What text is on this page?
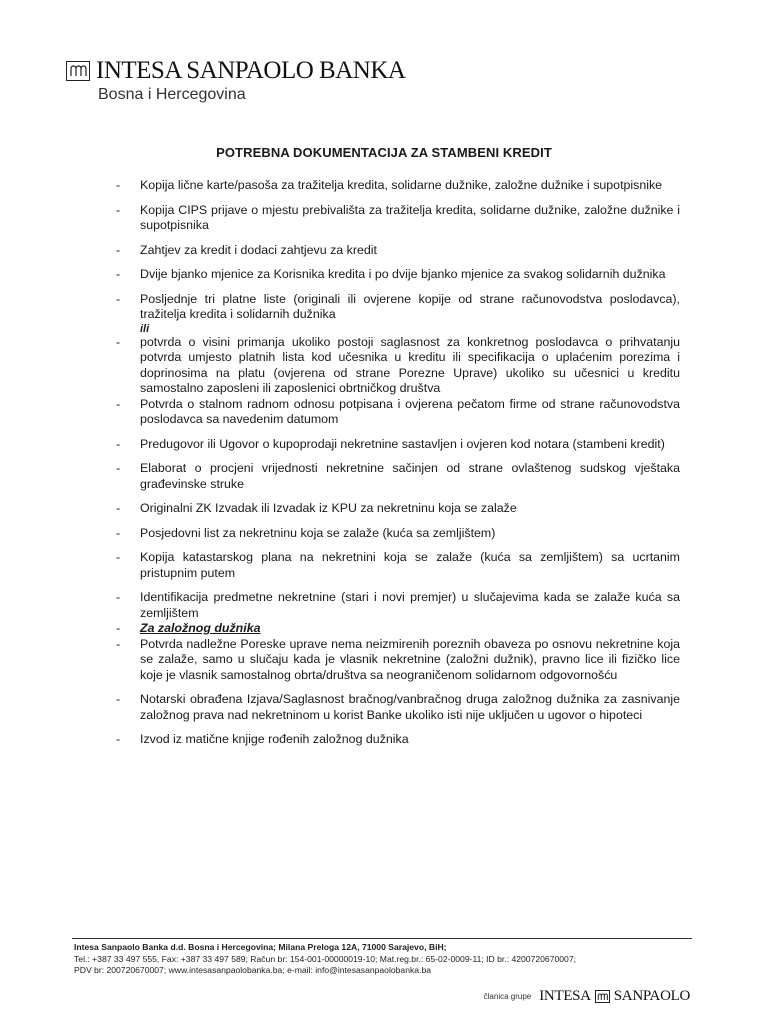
INTESA SANPAOLO BANKA
Bosna i Hercegovina
POTREBNA DOKUMENTACIJA ZA STAMBENI KREDIT
- Kopija lične karte/pasoša za tražitelja kredita, solidarne dužnike, založne dužnike i supotpisnike
- Kopija CIPS prijave o mjestu prebivališta za tražitelja kredita, solidarne dužnike, založne dužnike i supotpisnika
- Zahtjev za kredit i dodaci zahtjevu za kredit
- Dvije bjanko mjenice za Korisnika kredita i po dvije bjanko mjenice za svakog solidarnih dužnika
- Posljednje tri platne liste (originali ili ovjerene kopije od strane računovodstva poslodavca), tražitelja kredita i solidarnih dužnika
ili
- potvrda o visini primanja ukoliko postoji saglasnost za konkretnog poslodavca o prihvatanju potvrda umjesto platnih lista kod učesnika u kreditu ili specifikacija o uplaćenim porezima i doprinosima na platu (ovjerena od strane Porezne Uprave) ukoliko su učesnici u kreditu samostalno zaposleni ili zaposlenici obrtničkog društva
- Potvrda o stalnom radnom odnosu potpisana i ovjerena pečatom firme od strane računovodstva poslodavca sa navedenim datumom
- Predugovor ili Ugovor o kupoprodaji nekretnine sastavljen i ovjeren kod notara (stambeni kredit)
- Elaborat o procjeni vrijednosti nekretnine sačinjen od strane ovlaštenog sudskog vještaka građevinske struke
- Originalni ZK Izvadak ili Izvadak iz KPU za nekretninu koja se zalaže
- Posjedovni list za nekretninu koja se zalaže (kuća sa zemljištem)
- Kopija katastarskog plana na nekretnini koja se zalaže (kuća sa zemljištem) sa ucrtanim pristupnim putem
- Identifikacija predmetne nekretnine (stari i novi premjer) u slučajevima kada se zalaže kuća sa zemljištem
- Za založnog dužnika
- Potvrda nadležne Poreske uprave nema neizmirenih poreznih obaveza po osnovu nekretnine koja se zalaže, samo u slučaju kada je vlasnik nekretnine (založni dužnik), pravno lice ili fizičko lice koje je vlasnik samostalnog obrta/društva sa neograničenom solidarnom odgovornošću
- Notarski obrađena Izjava/Saglasnost bračnog/vanbračnog druga založnog dužnika za zasnivanje založnog prava nad nekretninom u korist Banke ukoliko isti nije uključen u ugovor o hipoteci
- Izvod iz matične knjige rođenih založnog dužnika
Intesa Sanpaolo Banka d.d. Bosna i Hercegovina; Milana Preloga 12A, 71000 Sarajevo, BiH;
Tel.: +387 33 497 555, Fax: +387 33 497 589; Račun br: 154-001-00000019-10; Mat.reg.br.: 65-02-0009-11; ID br.: 4200720670007;
PDV br: 200720670007; www.intesasanpaolobanka.ba; e-mail: info@intesasanpaolobanka.ba
članica grupe INTESA SANPAOLO
